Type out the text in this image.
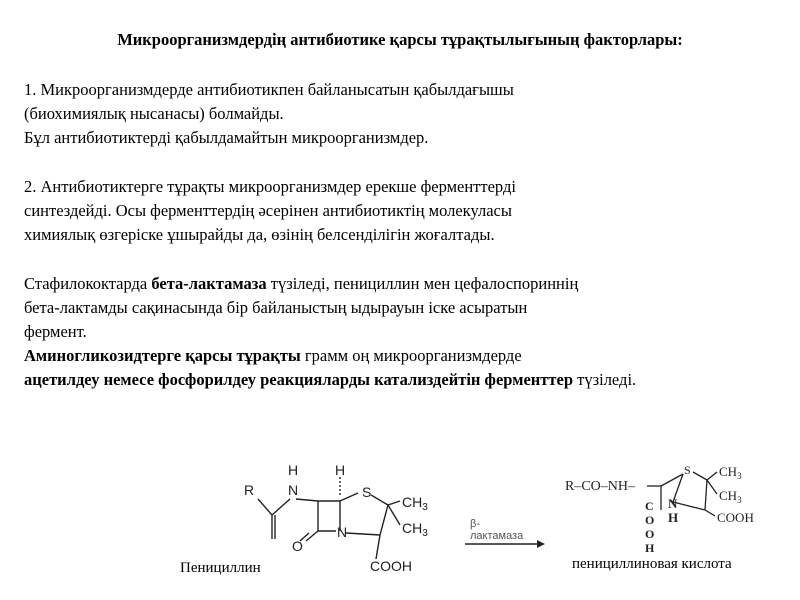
Микроорганизмдердің антибиотике қарсы тұрақтылығының факторлары:
1. Микроорганизмдерде антибиотикпен байланысатын қабылдағышы
(биохимиялық нысанасы) болмайды.
Бұл антибиотиктерді қабылдамайтын микроорганизмдер.
2. Антибиотиктерге тұрақты микроорганизмдер ерекше ферменттерді
синтездейді. Осы ферменттердің әсерінен антибиотиктің молекуласы
химиялық өзгеріске ұшырайды да, өзінің белсенділігін жоғалтады.
Стафилококтарда бета-лактамаза түзіледі, пенициллин мен цефалоспориннің
бета-лактамды сақинасында бір байланыстың ыдырауын іске асыратын
фермент.
Аминогликозидтерге қарсы тұрақты грамм оң микроорганизмдерде
ацетилдеу немесе фосфорилдеу реакцияларды катализдейтін ферменттер түзіледі.
R
H
N
H
S
$CH_3$
$CH_3$
N
O
COOH
Пенициллин
β-
лактамаза
R–CO–NH–
S $CH_3$
$CH_3$
N
H	COOH
C
O
O
H
пенициллиновая кислота
